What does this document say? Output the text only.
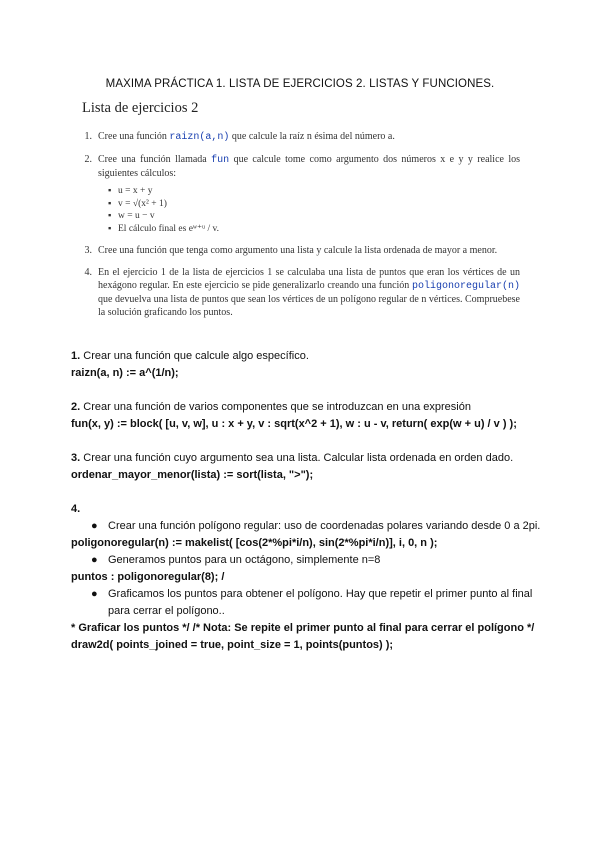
MAXIMA PRÁCTICA 1. LISTA DE EJERCICIOS 2. LISTAS Y FUNCIONES.
Lista de ejercicios 2
1. Cree una función raizn(a,n) que calcule la raíz n ésima del número a.
2. Cree una función llamada fun que calcule tome como argumento dos números x e y y realice los siguientes cálculos:
▪ u = x + y
▪ v = √(x² + 1)
▪ w = u − v
▪ El cálculo final es eʷ⁺ᵘ / v.
3. Cree una función que tenga como argumento una lista y calcule la lista ordenada de mayor a menor.
4. En el ejercicio 1 de la lista de ejercicios 1 se calculaba una lista de puntos que eran los vértices de un hexágono regular. En este ejercicio se pide generalizarlo creando una función poligonoregular(n) que devuelva una lista de puntos que sean los vértices de un polígono regular de n vértices. Compruebese la solución graficando los puntos.

1. Crear una función que calcule algo específico.

raizn(a, n) := a^(1/n);

2. Crear una función de varios componentes que se introduzcan en una expresión

fun(x, y) := block( [u, v, w], u : x + y, v : sqrt(x^2 + 1), w : u - v, return( exp(w + u) / v ) );

3. Crear una función cuyo argumento sea una lista. Calcular lista ordenada en orden dado.

ordenar_mayor_menor(lista) := sort(lista, ">");

4.

● Crear una función polígono regular: uso de coordenadas polares variando desde 0 a 2pi.

poligonoregular(n) := makelist( [cos(2*%pi*i/n), sin(2*%pi*i/n)], i, 0, n );

● Generamos puntos para un octágono, simplemente n=8

puntos : poligonoregular(8); /

● Graficamos los puntos para obtener el polígono. Hay que repetir el primer punto al final para cerrar el polígono..

* Graficar los puntos */ /* Nota: Se repite el primer punto al final para cerrar el polígono */ draw2d( points_joined = true, point_size = 1, points(puntos) );
